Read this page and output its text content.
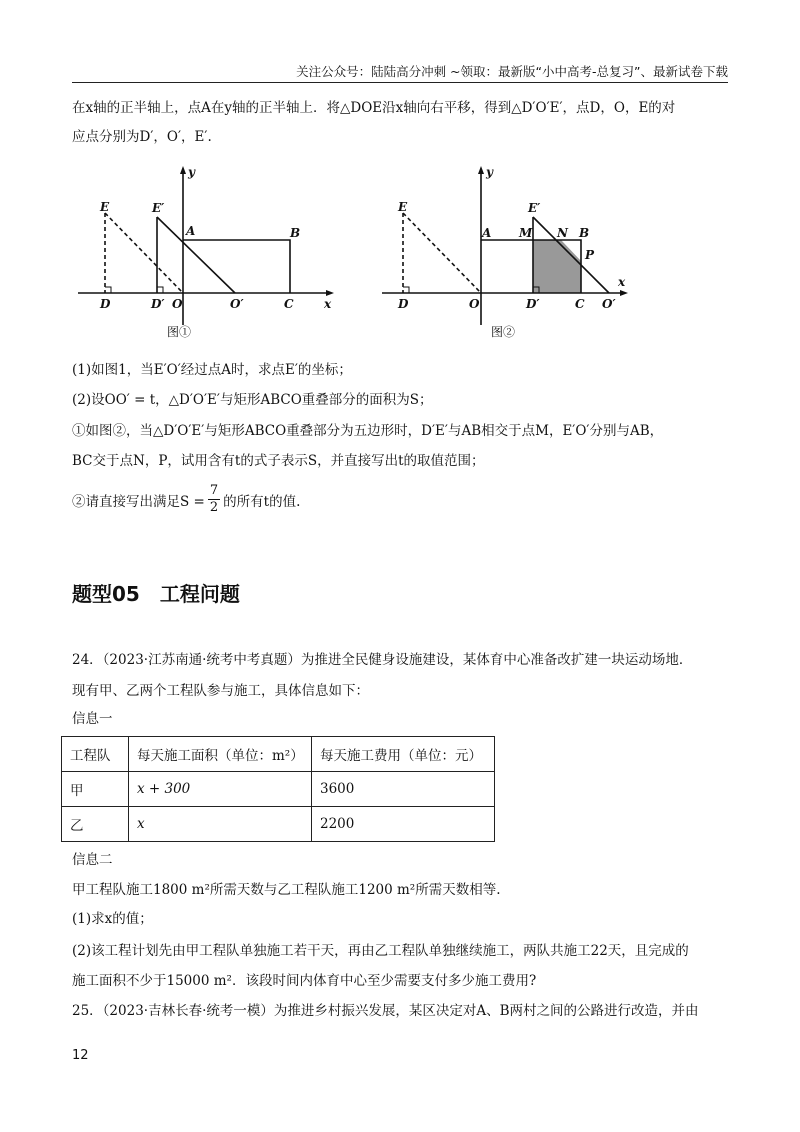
关注公众号：陆陆高分冲刺 ~领取：最新版“小中高考-总复习”、最新试卷下载
在x轴的正半轴上，点A在y轴的正半轴上．将△DOE沿x轴向右平移，得到△D′O′E′，点D，O，E的对
应点分别为D′，O′，E′.
y
x
E	E′
A	B
D	D′ O	O′	C
图①
y
x
E	E′
A M N B
P
D	O	D′	C O′
图②
(1)如图1，当E′O′经过点A时，求点E′的坐标；
(2)设OO′ = t，△D′O′E′与矩形ABCO重叠部分的面积为S；
①如图②，当△D′O′E′与矩形ABCO重叠部分为五边形时，D′E′与AB相交于点M，E′O′分别与AB，
BC交于点N，P，试用含有t的式子表示S，并直接写出t的取值范围；
②请直接写出满足$S = \frac{7}{2}$ 的所有t的值.
题型05　工程问题
24．（2023·江苏南通·统考中考真题）为推进全民健身设施建设，某体育中心准备改扩建一块运动场地．
现有甲、乙两个工程队参与施工，具体信息如下：
信息一
工程队	每天施工面积（单位：m²）	每天施工费用（单位：元）
甲	x + 300	3600
乙	x	2200
信息二
甲工程队施工1800 m²所需天数与乙工程队施工1200 m²所需天数相等.
(1)求x的值；
(2)该工程计划先由甲工程队单独施工若干天，再由乙工程队单独继续施工，两队共施工22天，且完成的
施工面积不少于15000 m²．该段时间内体育中心至少需要支付多少施工费用?
25．（2023·吉林长春·统考一模）为推进乡村振兴发展，某区决定对A、B两村之间的公路进行改造，并由
12
